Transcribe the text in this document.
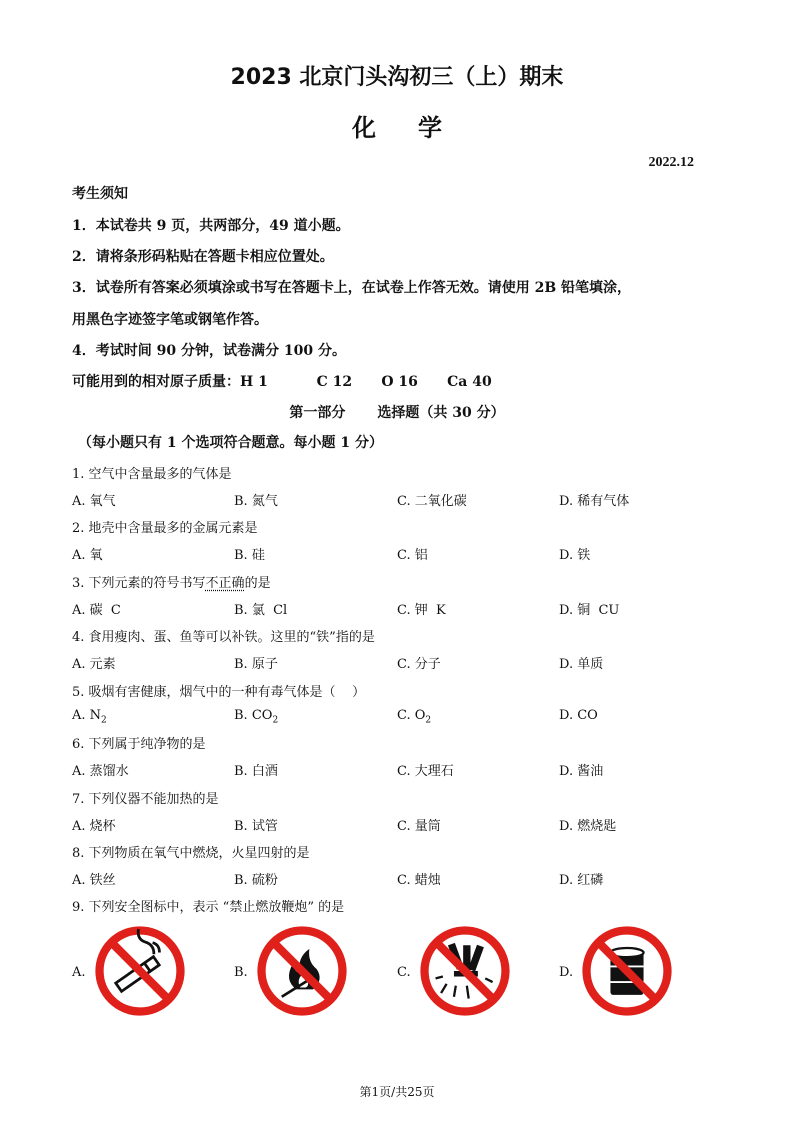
2023 北京门头沟初三（上）期末
化学
2022.12
考生须知
1．本试卷共 9 页，共两部分，49 道小题。
2．请将条形码粘贴在答题卡相应位置处。
3．试卷所有答案必须填涂或书写在答题卡上，在试卷上作答无效。请使用 2B 铅笔填涂，
用黑色字迹签字笔或钢笔作答。
4．考试时间 90 分钟，试卷满分 100 分。
可能用到的相对原子质量：H 1          C 12      O 16      Ca 40
第一部分 选择题（共 30 分）
（每小题只有 1 个选项符合题意。每小题 1 分）
1. 空气中含量最多的气体是
A. 氧气	B. 氮气	C. 二氧化碳	D. 稀有气体
2. 地壳中含量最多的金属元素是
A. 氧	B. 硅	C. 铝	D. 铁
3. 下列元素的符号书写不正确的是
A. 碳  C	B. 氯  Cl	C. 钾  K	D. 铜  CU
4. 食用瘦肉、蛋、鱼等可以补铁。这里的“铁”指的是
A. 元素	B. 原子	C. 分子	D. 单质
5. 吸烟有害健康，烟气中的一种有毒气体是（    ）
A. $N_2$	B. $CO_2$	C. $O_2$	D. CO
6. 下列属于纯净物的是
A. 蒸馏水	B. 白酒	C. 大理石	D. 酱油
7. 下列仪器不能加热的是
A. 烧杯	B. 试管	C. 量筒	D. 燃烧匙
8. 下列物质在氧气中燃烧，火星四射的是
A. 铁丝	B. 硫粉	C. 蜡烛	D. 红磷
9. 下列安全图标中，表示 “禁止燃放鞭炮” 的是
A.	B.	C.	D.
第1页/共25页
